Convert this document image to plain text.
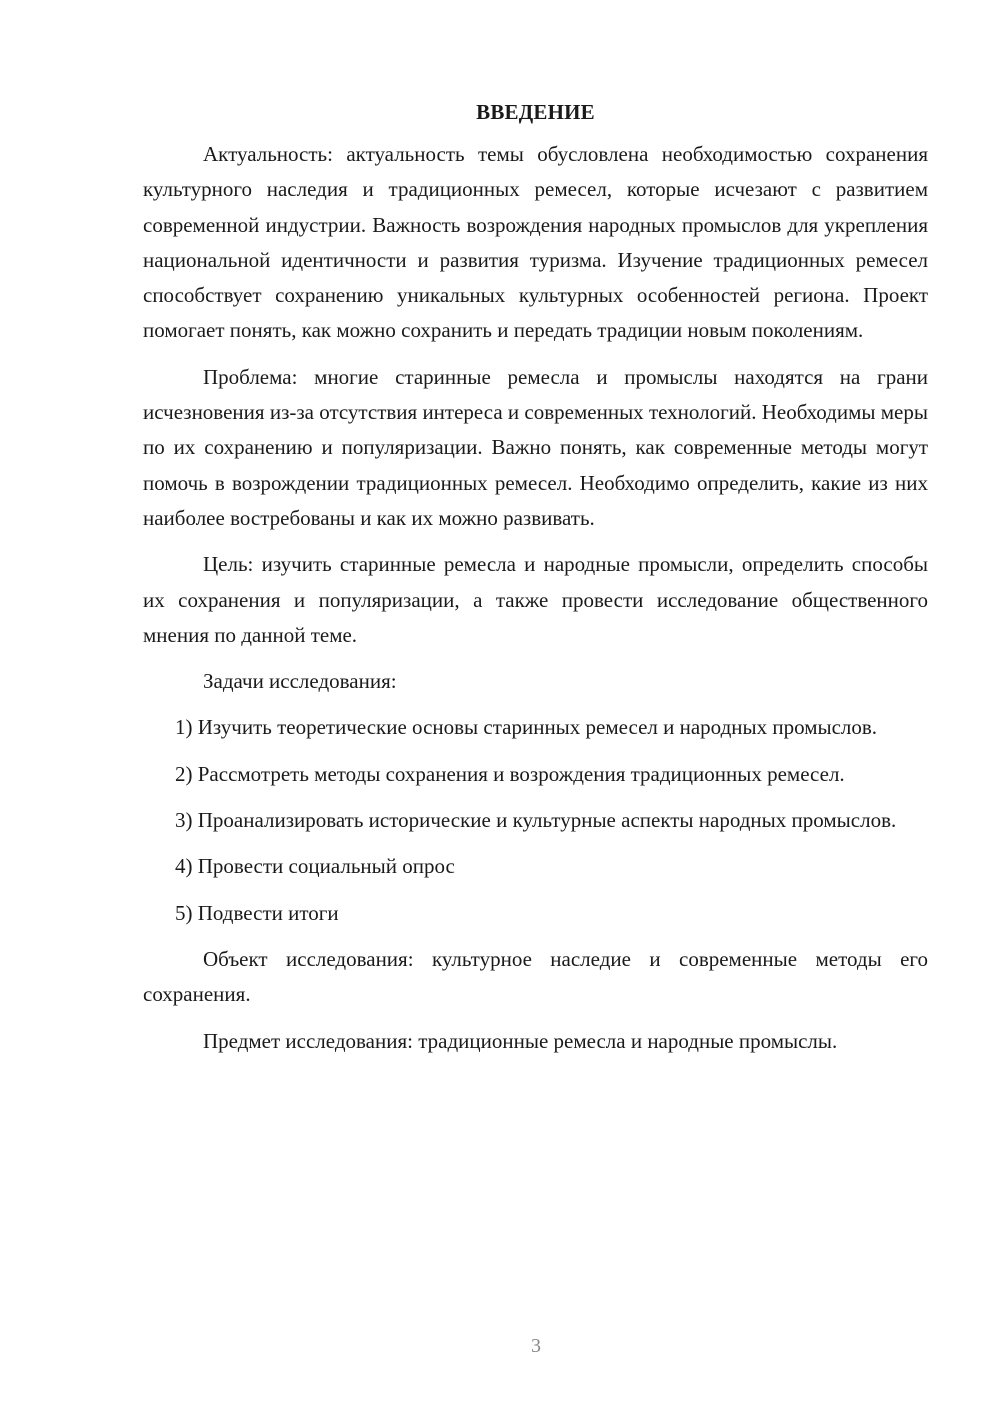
ВВЕДЕНИЕ

Актуальность: актуальность темы обусловлена необходимостью сохранения культурного наследия и традиционных ремесел, которые исчезают с развитием современной индустрии. Важность возрождения народных промыслов для укрепления национальной идентичности и развития туризма. Изучение традиционных ремесел способствует сохранению уникальных культурных особенностей региона. Проект помогает понять, как можно сохранить и передать традиции новым поколениям.

Проблема: многие старинные ремесла и промыслы находятся на грани исчезновения из-за отсутствия интереса и современных технологий. Необходимы меры по их сохранению и популяризации. Важно понять, как современные методы могут помочь в возрождении традиционных ремесел. Необходимо определить, какие из них наиболее востребованы и как их можно развивать.

Цель: изучить старинные ремесла и народные промысли, определить способы их сохранения и популяризации, а также провести исследование общественного мнения по данной теме.

Задачи исследования:

1) Изучить теоретические основы старинных ремесел и народных промыслов.

2) Рассмотреть методы сохранения и возрождения традиционных ремесел.

3) Проанализировать исторические и культурные аспекты народных промыслов.

4) Провести социальный опрос

5) Подвести итоги

Объект исследования: культурное наследие и современные методы его сохранения.

Предмет исследования: традиционные ремесла и народные промыслы.

3
